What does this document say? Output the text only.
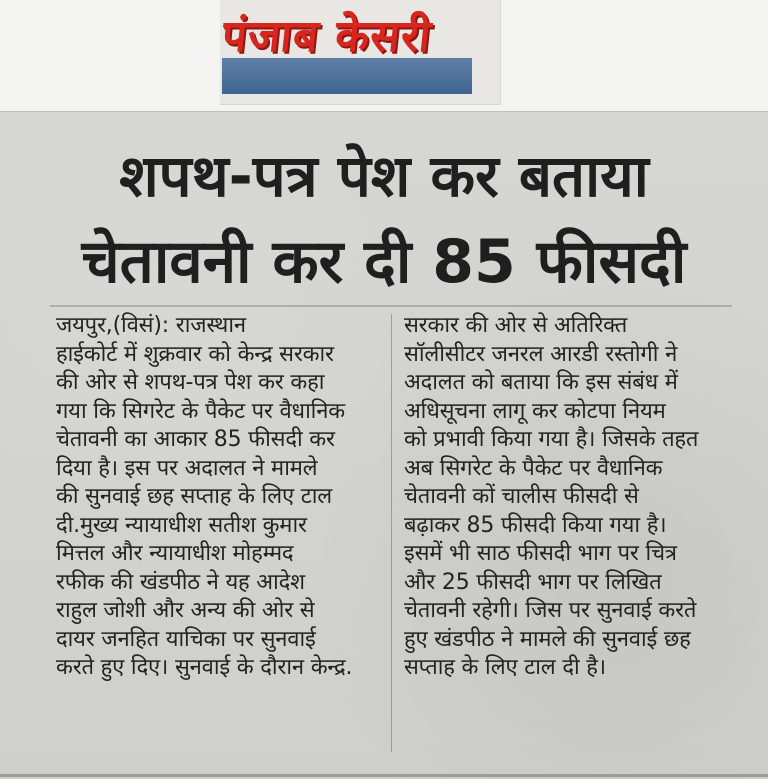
पंजाब केसरी
शपथ-पत्र पेश कर बताया
चेतावनी कर दी 85 फीसदी
जयपुर,(विसं): राजस्थान
हाईकोर्ट में शुक्रवार को केन्द्र सरकार
की ओर से शपथ-पत्र पेश कर कहा
गया कि सिगरेट के पैकेट पर वैधानिक
चेतावनी का आकार 85 फीसदी कर
दिया है। इस पर अदालत ने मामले
की सुनवाई छह सप्ताह के लिए टाल
दी.मुख्य न्यायाधीश सतीश कुमार
मित्तल और न्यायाधीश मोहम्मद
रफीक की खंडपीठ ने यह आदेश
राहुल जोशी और अन्य की ओर से
दायर जनहित याचिका पर सुनवाई
करते हुए दिए। सुनवाई के दौरान केन्द्र.
सरकार की ओर से अतिरिक्त
सॉलीसीटर जनरल आरडी रस्तोगी ने
अदालत को बताया कि इस संबंध में
अधिसूचना लागू कर कोटपा नियम
को प्रभावी किया गया है। जिसके तहत
अब सिगरेट के पैकेट पर वैधानिक
चेतावनी कों चालीस फीसदी से
बढ़ाकर 85 फीसदी किया गया है।
इसमें भी साठ फीसदी भाग पर चित्र
और 25 फीसदी भाग पर लिखित
चेतावनी रहेगी। जिस पर सुनवाई करते
हुए खंडपीठ ने मामले की सुनवाई छह
सप्ताह के लिए टाल दी है।
